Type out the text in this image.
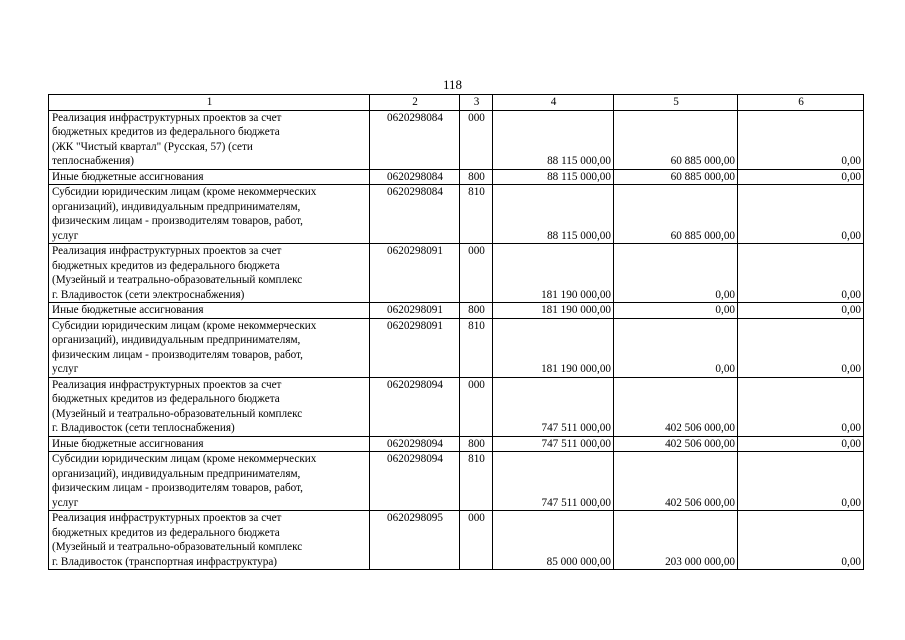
118
1	2	3	4	5	6
Реализация инфраструктурных проектов за счет
бюджетных кредитов из федерального бюджета
(ЖК "Чистый квартал" (Русская, 57) (сети
теплоснабжения)	0620298084	000	88 115 000,00	60 885 000,00	0,00
Иные бюджетные ассигнования	0620298084	800	88 115 000,00	60 885 000,00	0,00
Субсидии юридическим лицам (кроме некоммерческих
организаций), индивидуальным предпринимателям,
физическим лицам - производителям товаров, работ,
услуг	0620298084	810	88 115 000,00	60 885 000,00	0,00
Реализация инфраструктурных проектов за счет
бюджетных кредитов из федерального бюджета
(Музейный и театрально-образовательный комплекс
г. Владивосток (сети электроснабжения)	0620298091	000	181 190 000,00	0,00	0,00
Иные бюджетные ассигнования	0620298091	800	181 190 000,00	0,00	0,00
Субсидии юридическим лицам (кроме некоммерческих
организаций), индивидуальным предпринимателям,
физическим лицам - производителям товаров, работ,
услуг	0620298091	810	181 190 000,00	0,00	0,00
Реализация инфраструктурных проектов за счет
бюджетных кредитов из федерального бюджета
(Музейный и театрально-образовательный комплекс
г. Владивосток (сети теплоснабжения)	0620298094	000	747 511 000,00	402 506 000,00	0,00
Иные бюджетные ассигнования	0620298094	800	747 511 000,00	402 506 000,00	0,00
Субсидии юридическим лицам (кроме некоммерческих
организаций), индивидуальным предпринимателям,
физическим лицам - производителям товаров, работ,
услуг	0620298094	810	747 511 000,00	402 506 000,00	0,00
Реализация инфраструктурных проектов за счет
бюджетных кредитов из федерального бюджета
(Музейный и театрально-образовательный комплекс
г. Владивосток (транспортная инфраструктура)	0620298095	000	85 000 000,00	203 000 000,00	0,00
